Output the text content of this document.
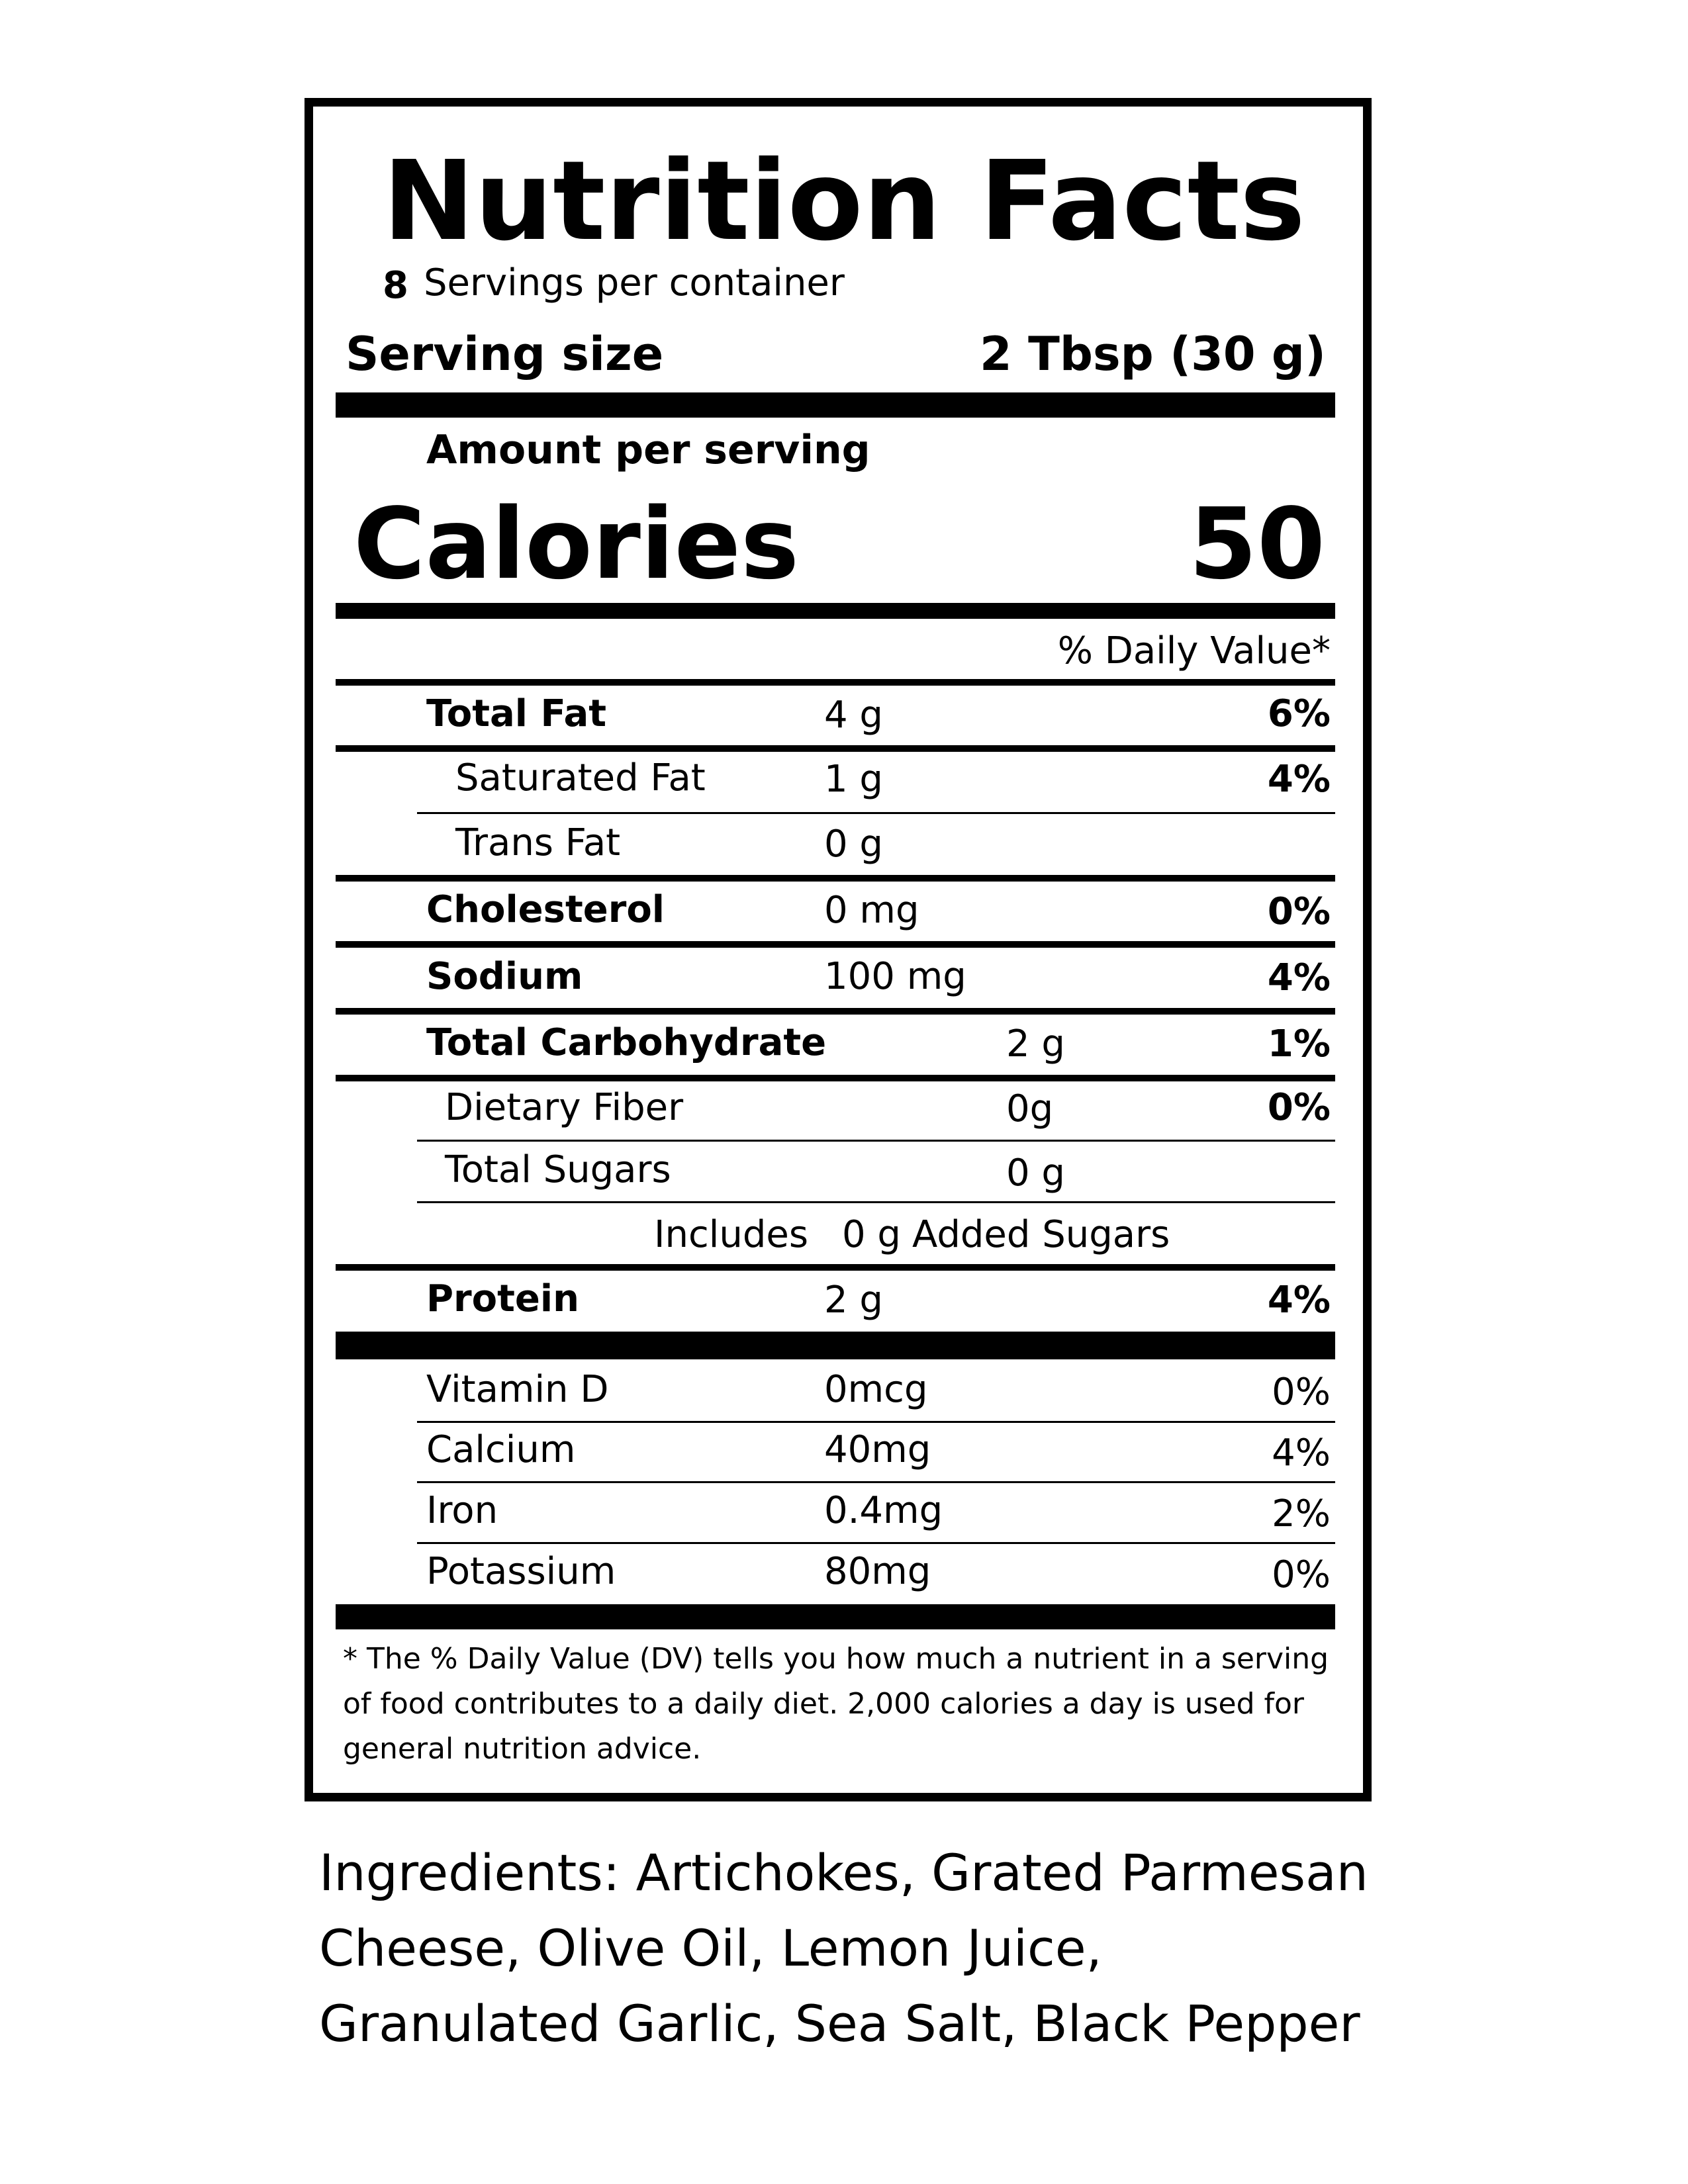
Nutrition Facts
8 Servings per container
Serving size	2 Tbsp (30 g)
Amount per serving
Calories	50
% Daily Value*
Total Fat	4 g	6%
Saturated Fat	1 g	4%
Trans Fat	0 g
Cholesterol	0 mg	0%
Sodium	100 mg	4%
Total Carbohydrate	2 g	1%
Dietary Fiber	0g	0%
Total Sugars	0 g
Includes 0 g Added Sugars
Protein	2 g	4%
Vitamin D	0mcg	0%
Calcium	40mg	4%
Iron	0.4mg	2%
Potassium	80mg	0%
* The % Daily Value (DV) tells you how much a nutrient in a serving of food contributes to a daily diet. 2,000 calories a day is used for general nutrition advice.
Ingredients: Artichokes, Grated Parmesan Cheese, Olive Oil, Lemon Juice, Granulated Garlic, Sea Salt, Black Pepper
